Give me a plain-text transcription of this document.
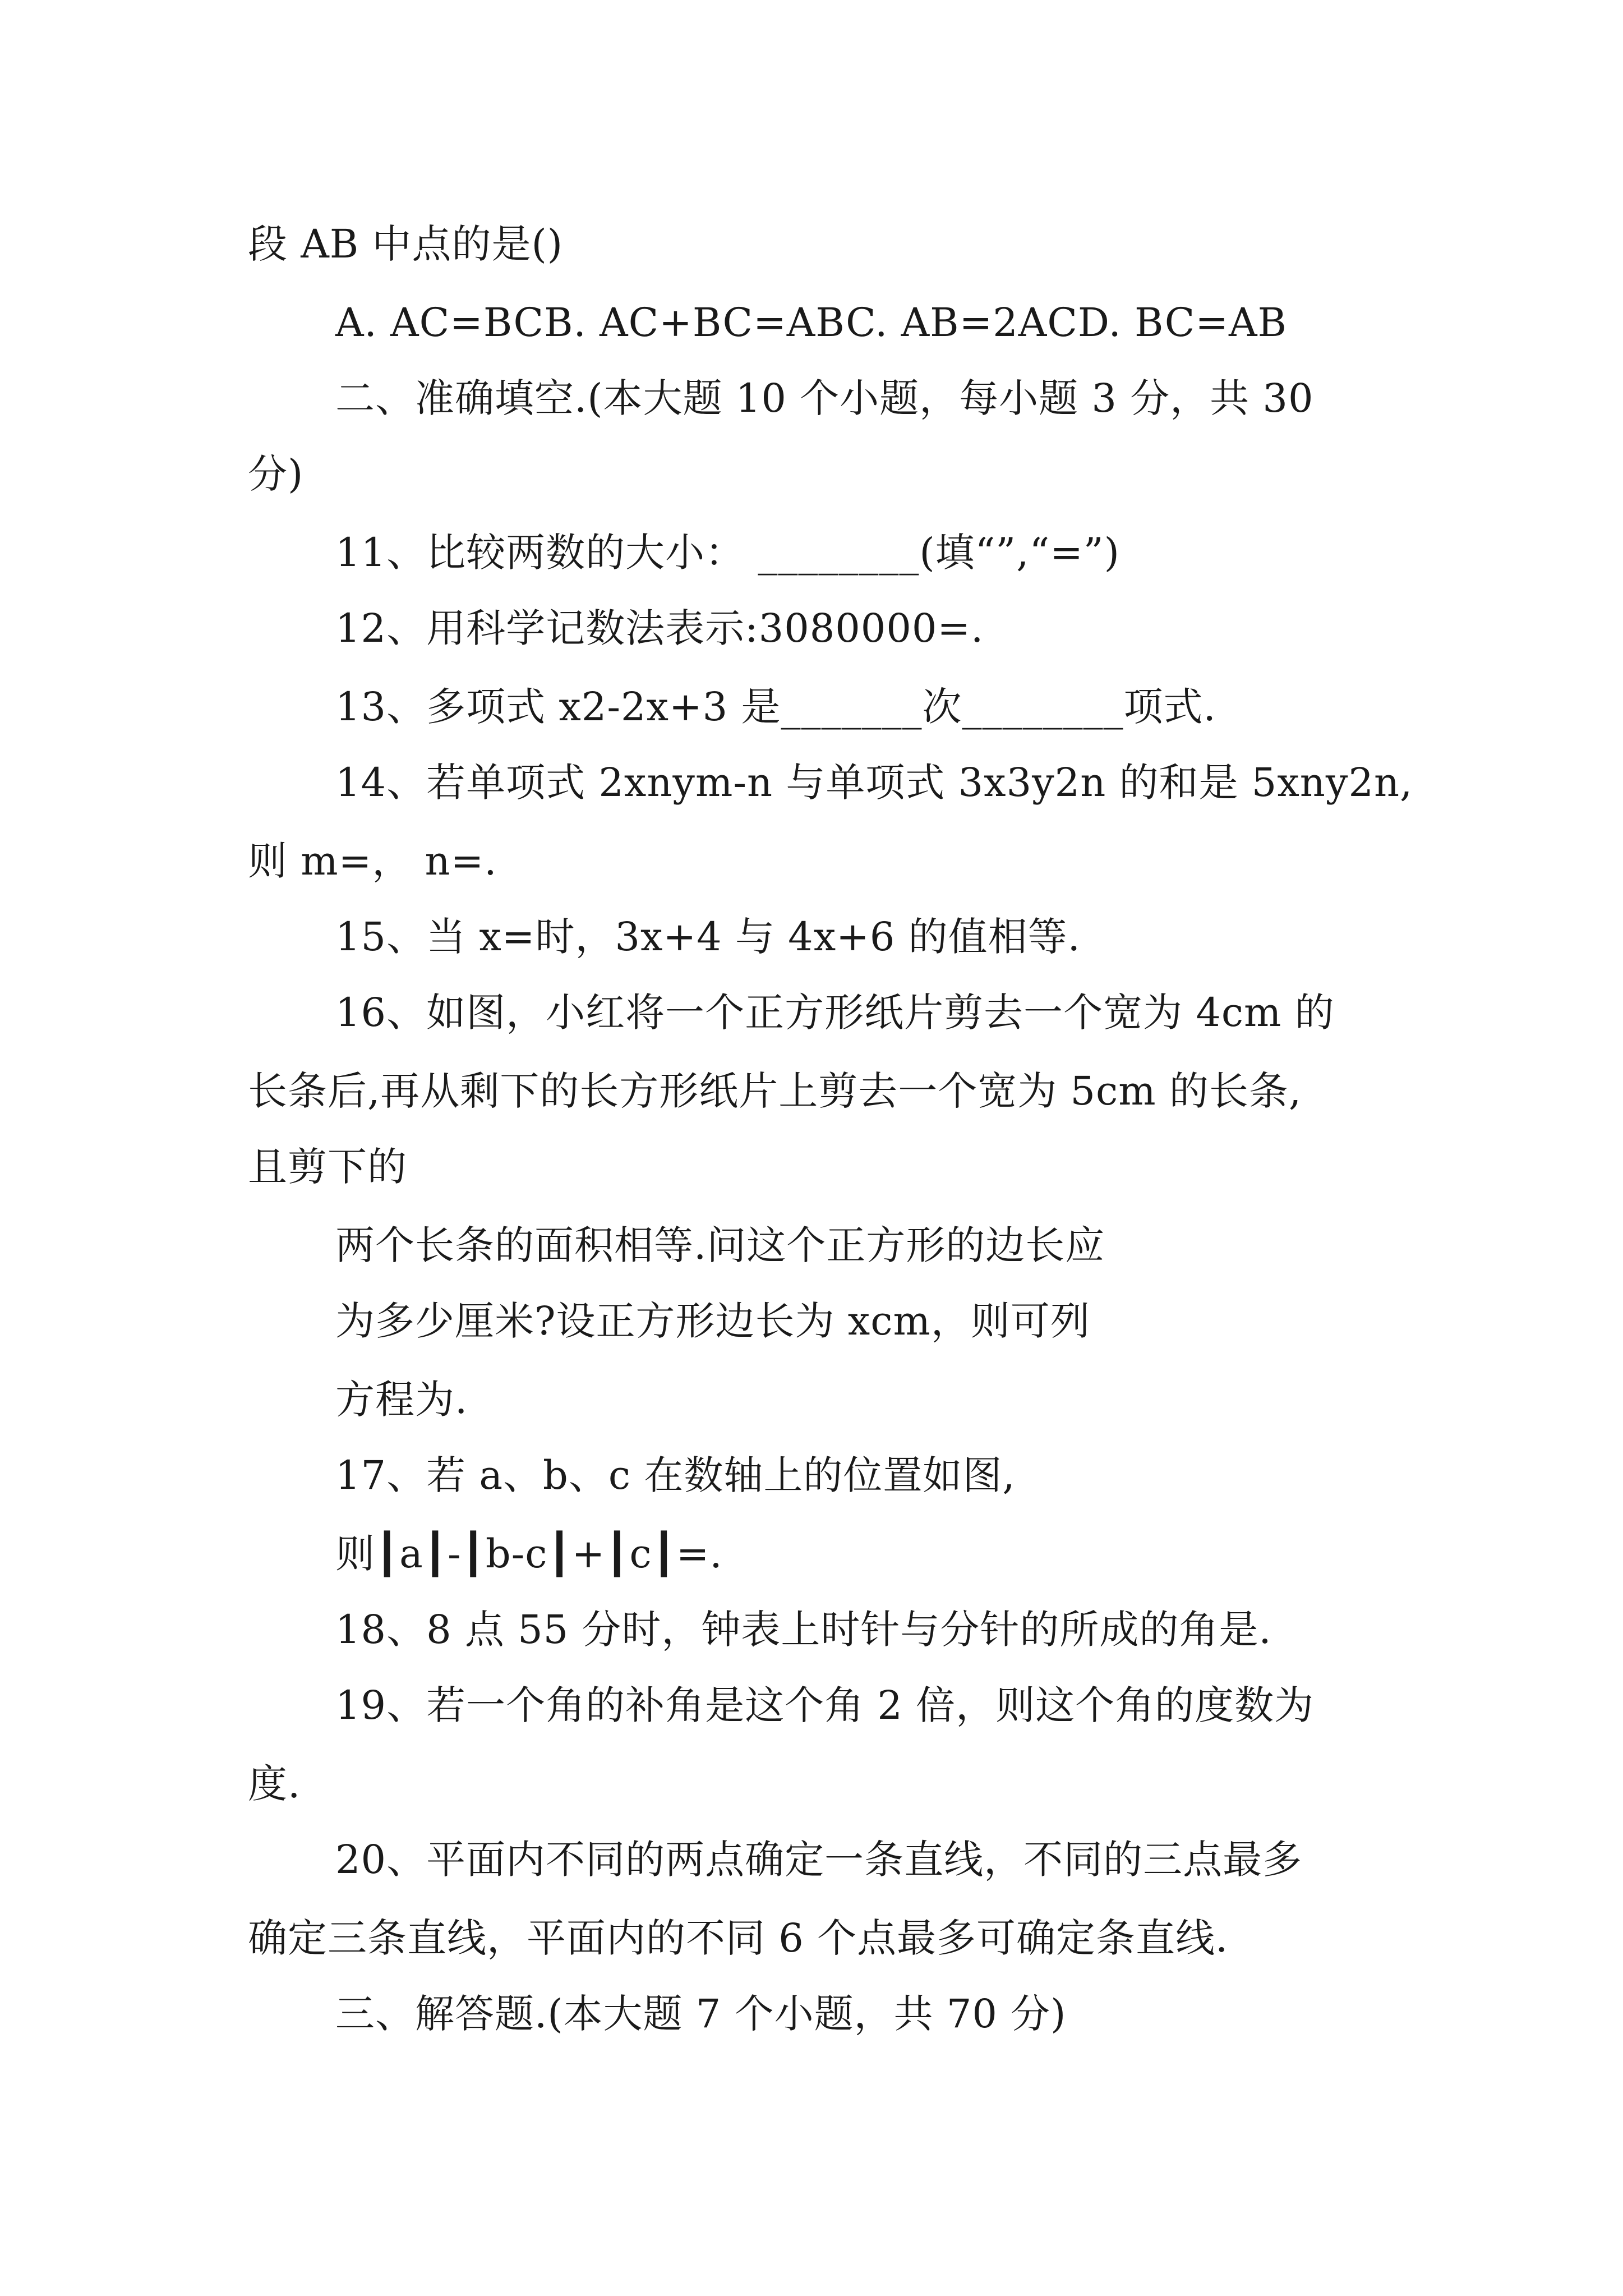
段 AB 中点的是()
A. AC=BCB. AC+BC=ABC. AB=2ACD. BC=AB
二、准确填空.(本大题 10 个小题，每小题 3 分，共 30
分)
11、比较两数的大小： ________(填“”,“=”)
12、用科学记数法表示:3080000=.
13、多项式 x2-2x+3 是_______次________项式.
14、若单项式 2xnym-n 与单项式 3x3y2n 的和是 5xny2n,
则 m=， n=.
15、当 x=时，3x+4 与 4x+6 的值相等.
16、如图，小红将一个正方形纸片剪去一个宽为 4cm 的
长条后,再从剩下的长方形纸片上剪去一个宽为 5cm 的长条,
且剪下的
两个长条的面积相等.问这个正方形的边长应
为多少厘米?设正方形边长为 xcm，则可列
方程为.
17、若 a、b、c 在数轴上的位置如图,
则┃a┃-┃b-c┃+┃c┃=.
18、8 点 55 分时，钟表上时针与分针的所成的角是.
19、若一个角的补角是这个角 2 倍，则这个角的度数为
度.
20、平面内不同的两点确定一条直线，不同的三点最多
确定三条直线，平面内的不同 6 个点最多可确定条直线.
三、解答题.(本大题 7 个小题，共 70 分)
